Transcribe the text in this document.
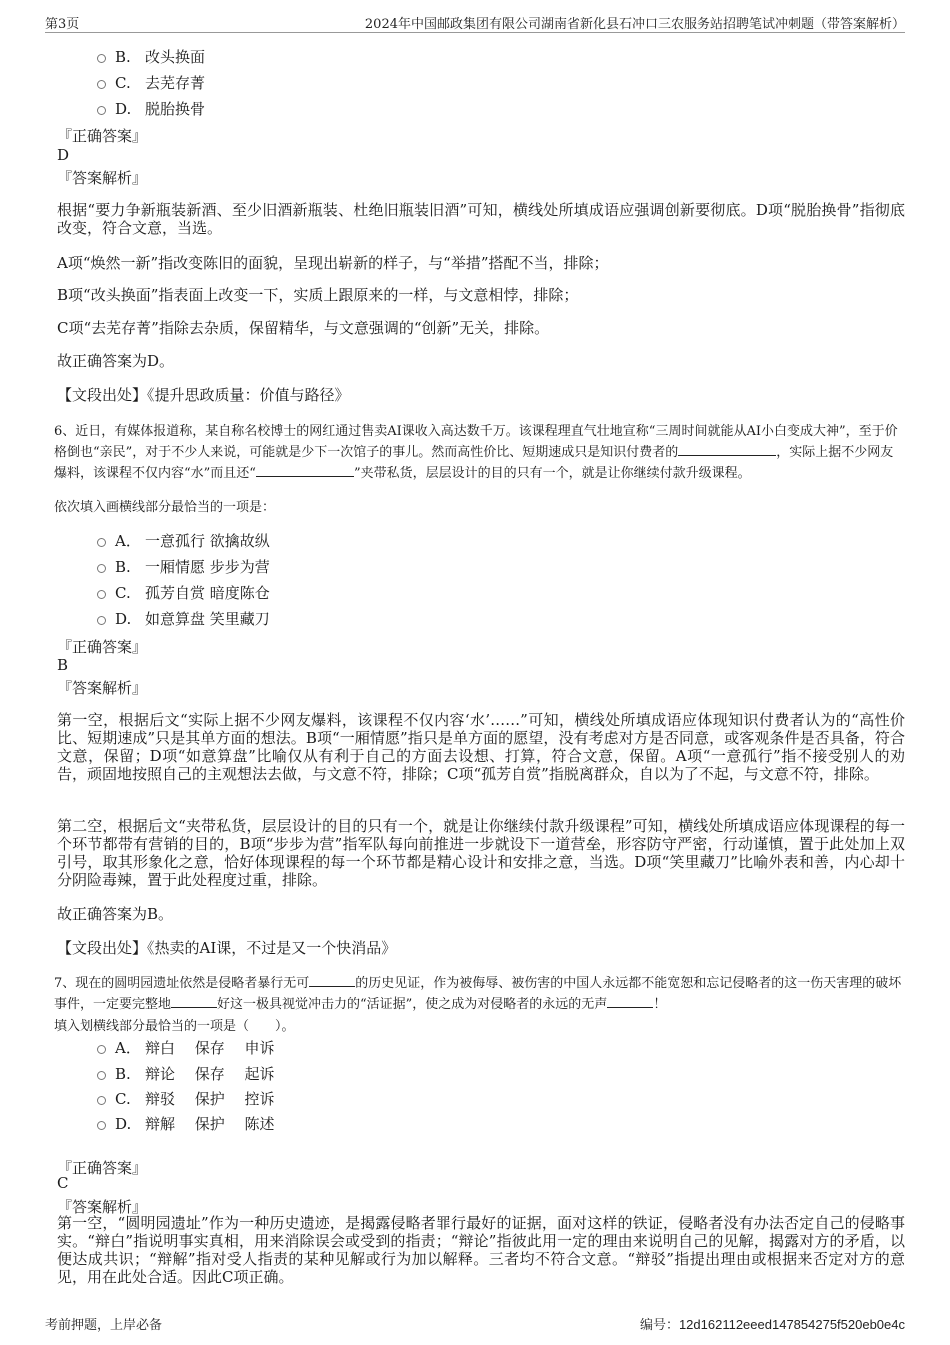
第3页	2024年中国邮政集团有限公司湖南省新化县石冲口三农服务站招聘笔试冲刺题（带答案解析）
B. 改头换面
C. 去芜存菁
D. 脱胎换骨
『正确答案』
D
『答案解析』
根据“要力争新瓶装新酒、至少旧酒新瓶装、杜绝旧瓶装旧酒”可知，横线处所填成语应强调创新要彻底。D项“脱胎换骨”指彻底改变，符合文意，当选。
A项“焕然一新”指改变陈旧的面貌，呈现出崭新的样子，与“举措”搭配不当，排除；
B项“改头换面”指表面上改变一下，实质上跟原来的一样，与文意相悖，排除；
C项“去芜存菁”指除去杂质，保留精华，与文意强调的“创新”无关，排除。
故正确答案为D。
【文段出处】《提升思政质量：价值与路径》
6、近日，有媒体报道称，某自称名校博士的网红通过售卖AI课收入高达数千万。该课程理直气壮地宣称“三周时间就能从AI小白变成大神”，至于价格倒也“亲民”，对于不少人来说，可能就是少下一次馆子的事儿。然而高性价比、短期速成只是知识付费者的	，实际上据不少网友爆料，该课程不仅内容“水”而且还“	”夹带私货，层层设计的目的只有一个，就是让你继续付款升级课程。
依次填入画横线部分最恰当的一项是：
A． 一意孤行 欲擒故纵
B. 一厢情愿 步步为营
C. 孤芳自赏 暗度陈仓
D. 如意算盘 笑里藏刀
『正确答案』
B
『答案解析』
第一空，根据后文“实际上据不少网友爆料，该课程不仅内容‘水’……”可知，横线处所填成语应体现知识付费者认为的“高性价比、短期速成”只是其单方面的想法。B项“一厢情愿”指只是单方面的愿望，没有考虑对方是否同意，或客观条件是否具备，符合文意，保留；D项“如意算盘”比喻仅从有利于自己的方面去设想、打算，符合文意，保留。A项“一意孤行”指不接受别人的劝告，顽固地按照自己的主观想法去做，与文意不符，排除；C项“孤芳自赏”指脱离群众，自以为了不起，与文意不符，排除。
第二空，根据后文“夹带私货，层层设计的目的只有一个，就是让你继续付款升级课程”可知，横线处所填成语应体现课程的每一个环节都带有营销的目的，B项“步步为营”指军队每向前推进一步就设下一道营垒，形容防守严密，行动谨慎，置于此处加上双引号，取其形象化之意，恰好体现课程的每一个环节都是精心设计和安排之意，当选。D项“笑里藏刀”比喻外表和善，内心却十分阴险毒辣，置于此处程度过重，排除。
故正确答案为B。
【文段出处】《热卖的AI课，不过是又一个快消品》
7、现在的圆明园遗址依然是侵略者暴行无可	的历史见证，作为被侮辱、被伤害的中国人永远都不能宽恕和忘记侵略者的这一伤天害理的破坏事件，一定要完整地	好这一极具视觉冲击力的“活证据”，使之成为对侵略者的永远的无声	！
填入划横线部分最恰当的一项是（　　）。
A． 辩白　 保存　 申诉
B. 辩论　 保存　 起诉
C. 辩驳　 保护　 控诉
D. 辩解　 保护　 陈述
『正确答案』
C
『答案解析』
第一空，“圆明园遗址”作为一种历史遗迹，是揭露侵略者罪行最好的证据，面对这样的铁证，侵略者没有办法否定自己的侵略事实。“辩白”指说明事实真相，用来消除误会或受到的指责；“辩论”指彼此用一定的理由来说明自己的见解，揭露对方的矛盾，以便达成共识；“辩解”指对受人指责的某种见解或行为加以解释。三者均不符合文意。“辩驳”指提出理由或根据来否定对方的意见，用在此处合适。因此C项正确。
考前押题，上岸必备	编号：12d162112eeed147854275f520eb0e4c
